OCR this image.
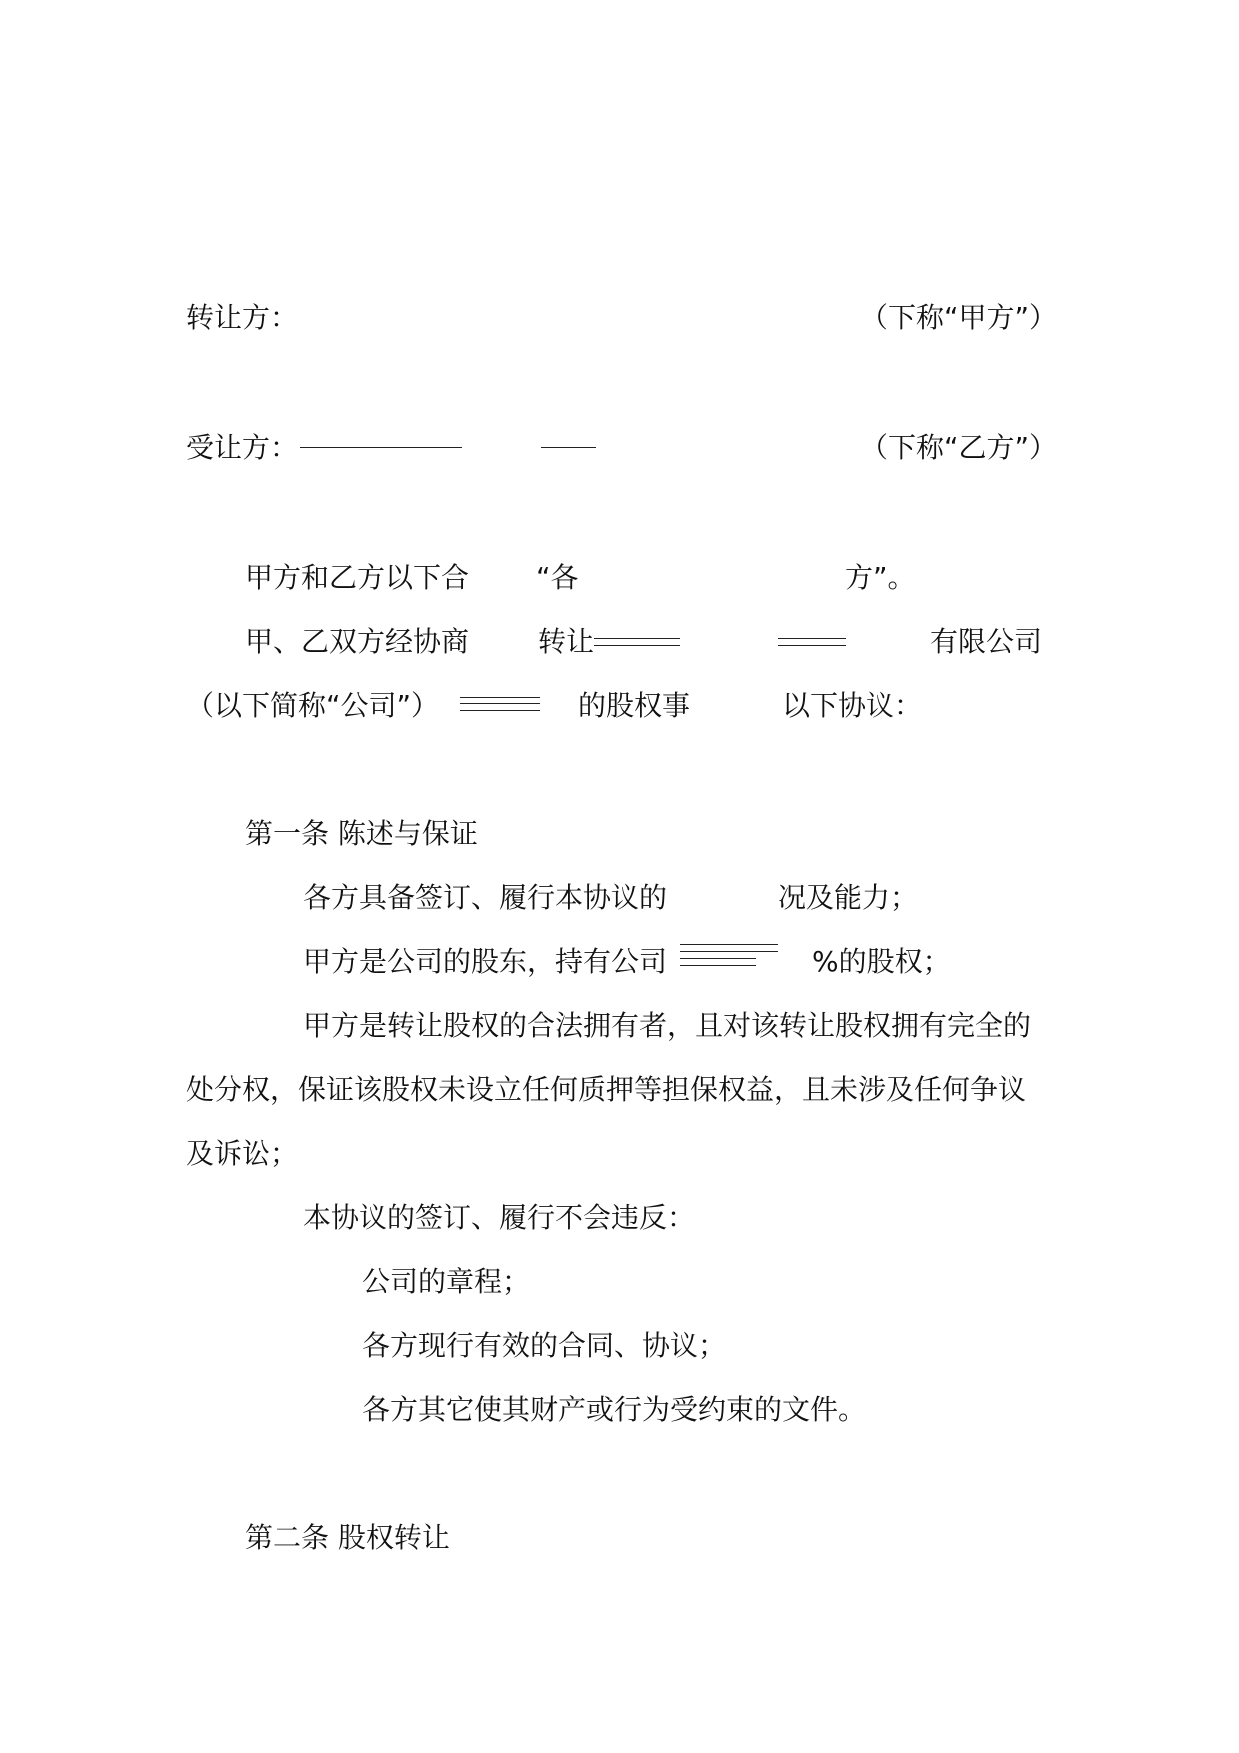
转让方：	（下称“甲方”）
受让方：	（下称“乙方”）
甲方和乙方以下合 “各	方”。
甲、乙双方经协商 转让	有限公司
（以下简称“公司”）	的股权事	以下协议：
第一条 陈述与保证
各方具备签订、履行本协议的	况及能力；
甲方是公司的股东，持有公司	%的股权；
甲方是转让股权的合法拥有者，且对该转让股权拥有完全的
处分权，保证该股权未设立任何质押等担保权益，且未涉及任何争议
及诉讼；
本协议的签订、履行不会违反：
公司的章程；
各方现行有效的合同、协议；
各方其它使其财产或行为受约束的文件。
第二条 股权转让
